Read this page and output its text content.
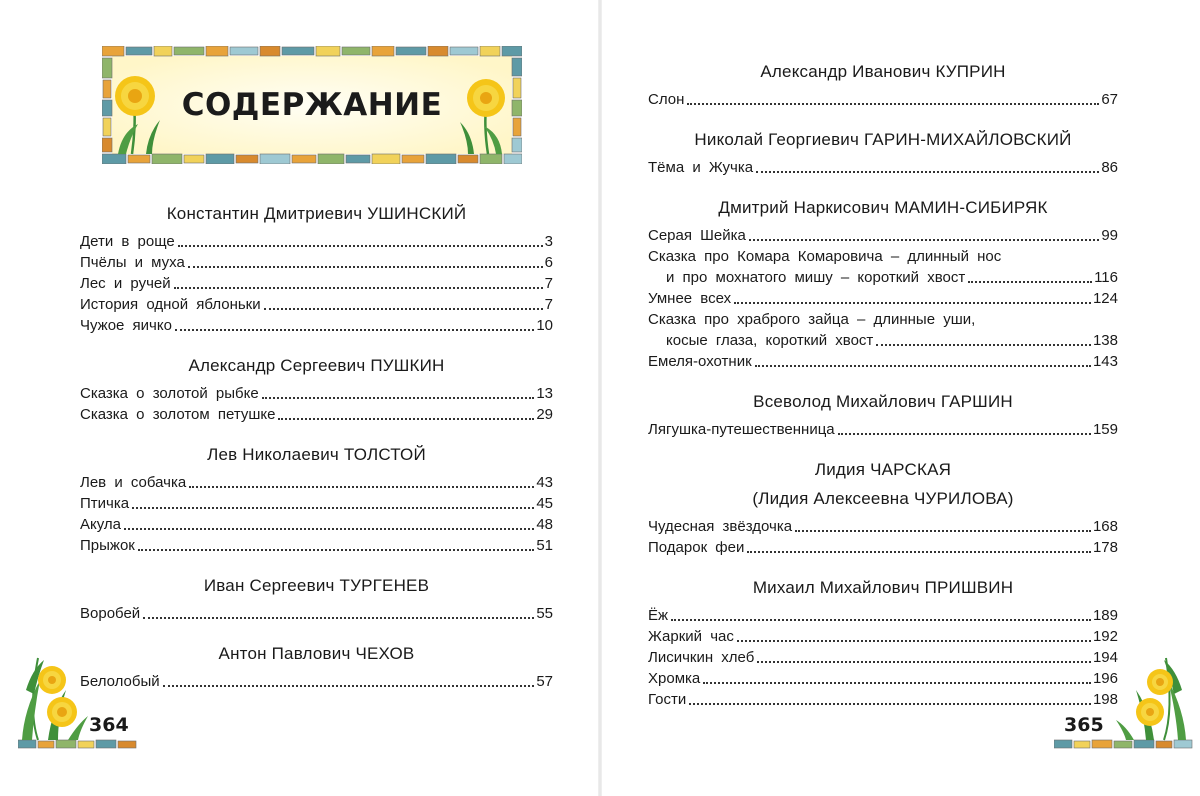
СОДЕРЖАНИЕ
Константин Дмитриевич УШИНСКИЙ
Дети в роще	3
Пчёлы и муха	6
Лес и ручей	7
История одной яблоньки	7
Чужое яичко	10
Александр Сергеевич ПУШКИН
Сказка о золотой рыбке	13
Сказка о золотом петушке	29
Лев Николаевич ТОЛСТОЙ
Лев и собачка	43
Птичка	45
Акула	48
Прыжок	51
Иван Сергеевич ТУРГЕНЕВ
Воробей	55
Антон Павлович ЧЕХОВ
Белолобый	57
364
Александр Иванович КУПРИН
Слон	67
Николай Георгиевич ГАРИН-МИХАЙЛОВСКИЙ
Тёма и Жучка	86
Дмитрий Наркисович МАМИН-СИБИРЯК
Серая Шейка	99
Сказка про Комара Комаровича – длинный нос
и про мохнатого мишу – короткий хвост	116
Умнее всех	124
Сказка про храброго зайца – длинные уши,
косые глаза, короткий хвост	138
Емеля-охотник	143
Всеволод Михайлович ГАРШИН
Лягушка-путешественница	159
Лидия ЧАРСКАЯ
(Лидия Алексеевна ЧУРИЛОВА)
Чудесная звёздочка	168
Подарок феи	178
Михаил Михайлович ПРИШВИН
Ёж	189
Жаркий час	192
Лисичкин хлеб	194
Хромка	196
Гости	198
365
